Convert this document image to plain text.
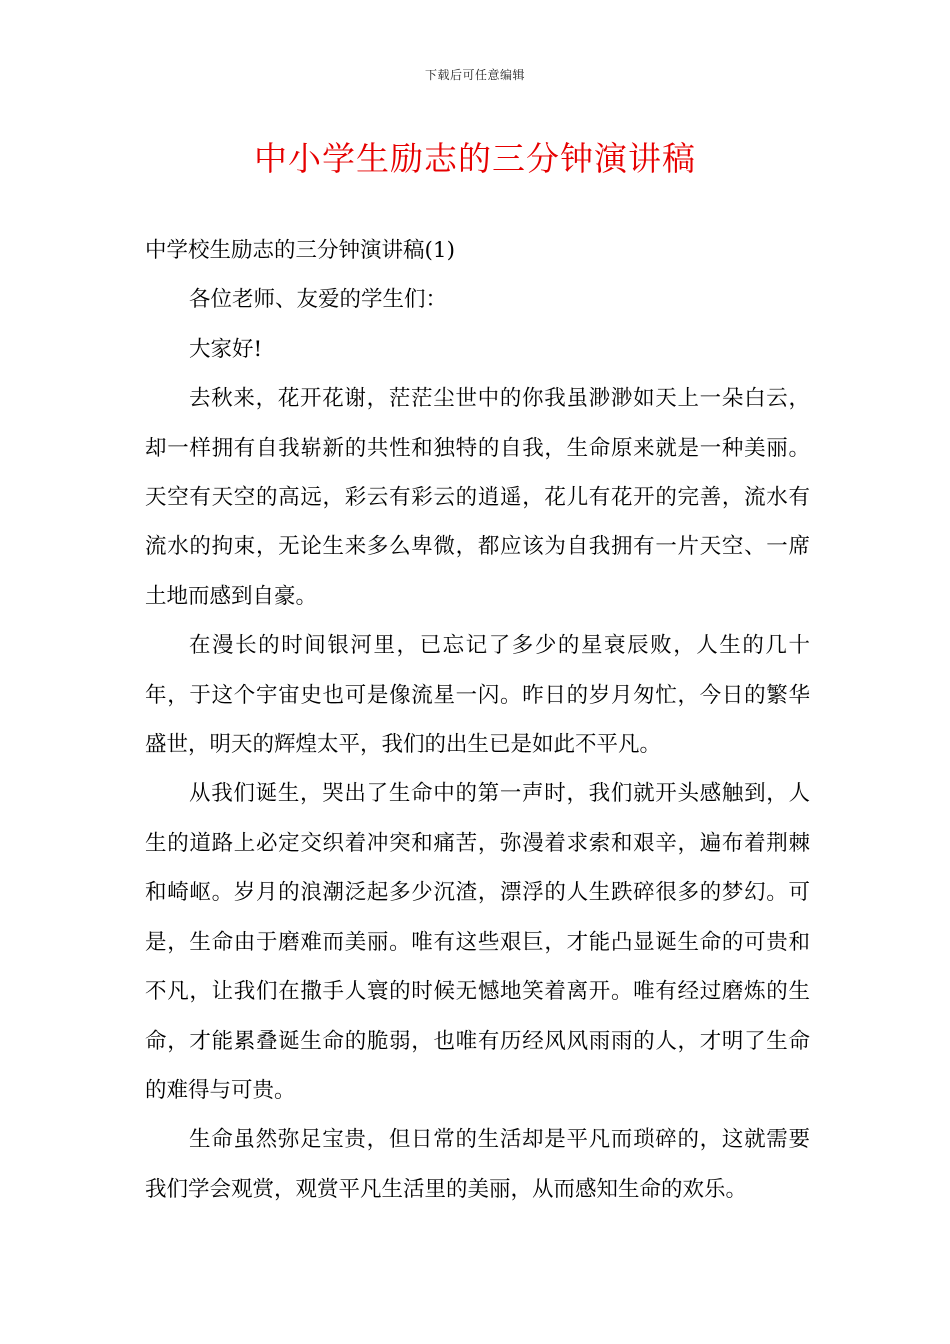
下载后可任意编辑
中小学生励志的三分钟演讲稿

中学校生励志的三分钟演讲稿(1)

各位老师、友爱的学生们：

大家好!

去秋来，花开花谢，茫茫尘世中的你我虽渺渺如天上一朵白云，却一样拥有自我崭新的共性和独特的自我，生命原来就是一种美丽。天空有天空的高远，彩云有彩云的逍遥，花儿有花开的完善，流水有流水的拘束，无论生来多么卑微，都应该为自我拥有一片天空、一席土地而感到自豪。

在漫长的时间银河里，已忘记了多少的星衰辰败，人生的几十年，于这个宇宙史也可是像流星一闪。昨日的岁月匆忙，今日的繁华盛世，明天的辉煌太平，我们的出生已是如此不平凡。

从我们诞生，哭出了生命中的第一声时，我们就开头感触到，人生的道路上必定交织着冲突和痛苦，弥漫着求索和艰辛，遍布着荆棘和崎岖。岁月的浪潮泛起多少沉渣，漂浮的人生跌碎很多的梦幻。可是，生命由于磨难而美丽。唯有这些艰巨，才能凸显诞生命的可贵和不凡，让我们在撒手人寰的时候无憾地笑着离开。唯有经过磨炼的生命，才能累叠诞生命的脆弱，也唯有历经风风雨雨的人，才明了生命的难得与可贵。

生命虽然弥足宝贵，但日常的生活却是平凡而琐碎的，这就需要我们学会观赏，观赏平凡生活里的美丽，从而感知生命的欢乐。
